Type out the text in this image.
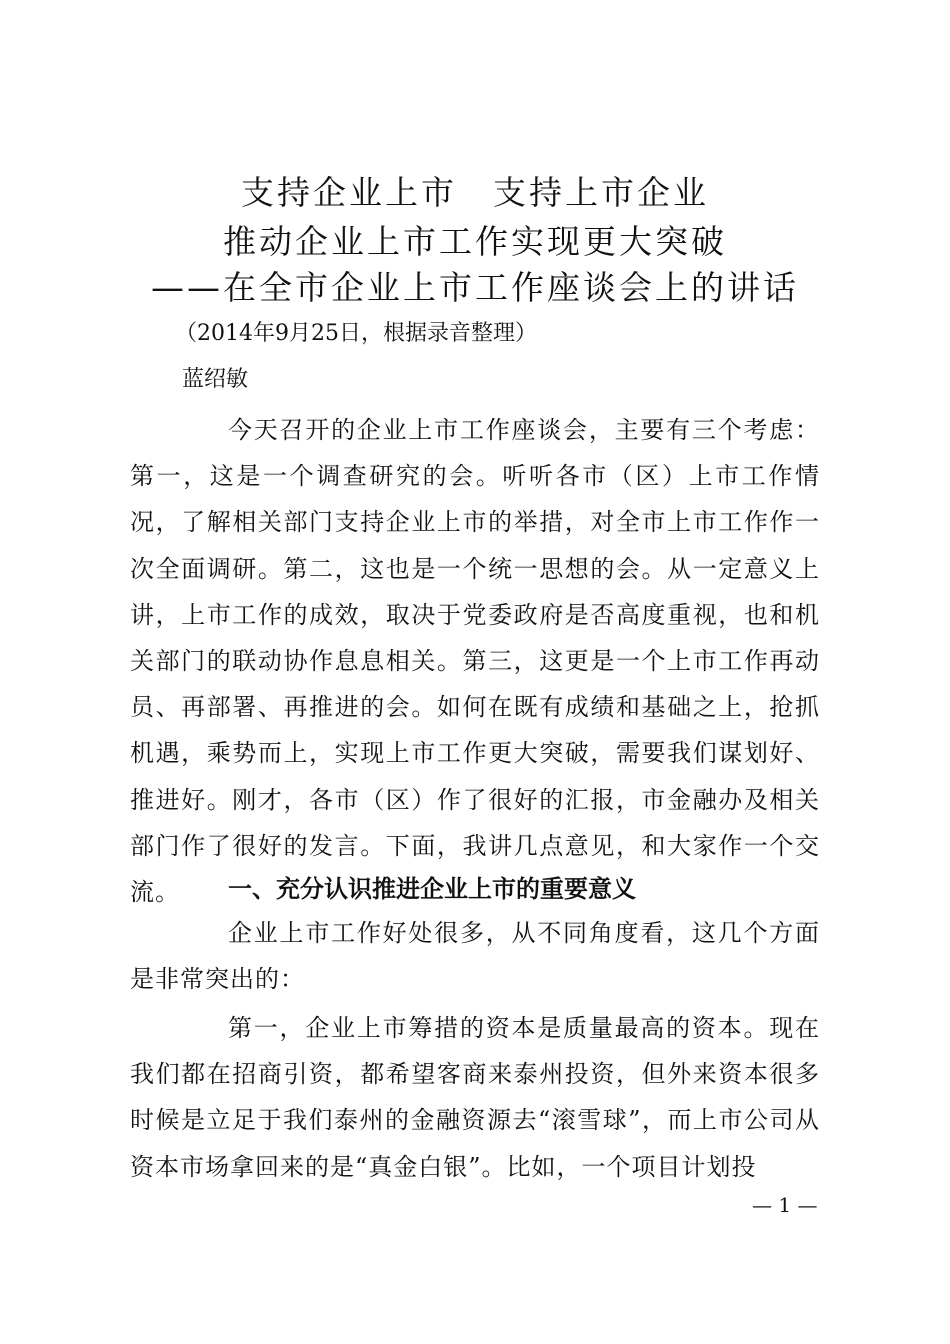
支持企业上市　支持上市企业
推动企业上市工作实现更大突破
——在全市企业上市工作座谈会上的讲话
（2014年9月25日，根据录音整理）
蓝绍敏

今天召开的企业上市工作座谈会，主要有三个考虑：第一，这是一个调查研究的会。听听各市（区）上市工作情况，了解相关部门支持企业上市的举措，对全市上市工作作一次全面调研。第二，这也是一个统一思想的会。从一定意义上讲，上市工作的成效，取决于党委政府是否高度重视，也和机关部门的联动协作息息相关。第三，这更是一个上市工作再动员、再部署、再推进的会。如何在既有成绩和基础之上，抢抓机遇，乘势而上，实现上市工作更大突破，需要我们谋划好、推进好。刚才，各市（区）作了很好的汇报，市金融办及相关部门作了很好的发言。下面，我讲几点意见，和大家作一个交流。	一、充分认识推进企业上市的重要意义

企业上市工作好处很多，从不同角度看，这几个方面是非常突出的：

第一，企业上市筹措的资本是质量最高的资本。现在我们都在招商引资，都希望客商来泰州投资，但外来资本很多时候是立足于我们泰州的金融资源去“滚雪球”，而上市公司从资本市场拿回来的是“真金白银”。比如，一个项目计划投

— 1 —
